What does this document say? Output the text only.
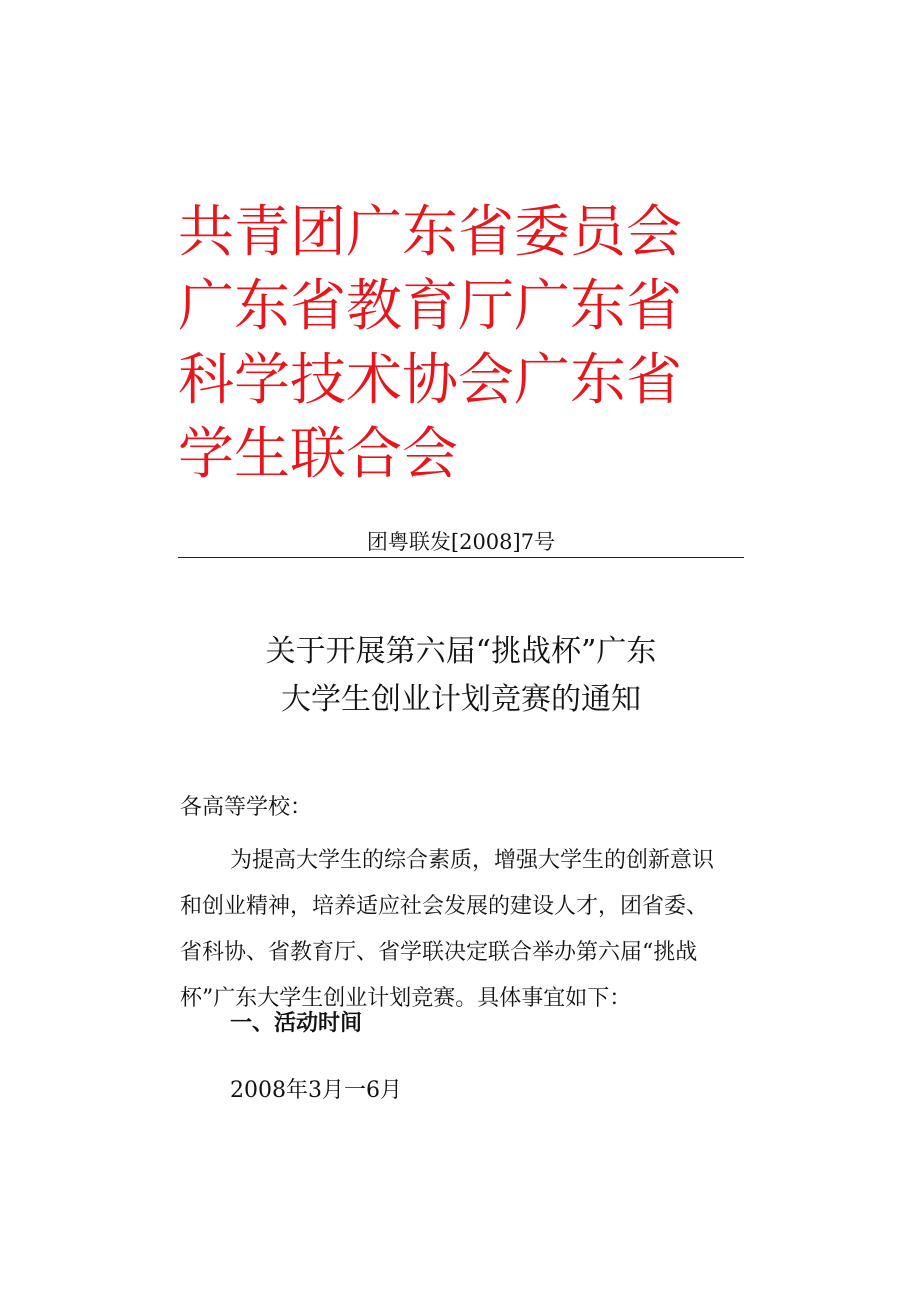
共青团广东省委员会
广东省教育厅广东省
科学技术协会广东省
学生联合会
团粤联发[2008]7号
关于开展第六届“挑战杯”广东
大学生创业计划竞赛的通知
各高等学校：
为提高大学生的综合素质，增强大学生的创新意识
和创业精神，培养适应社会发展的建设人才，团省委、
省科协、省教育厅、省学联决定联合举办第六届“挑战
杯”广东大学生创业计划竞赛。具体事宜如下：
一、活动时间
2008年3月一6月
